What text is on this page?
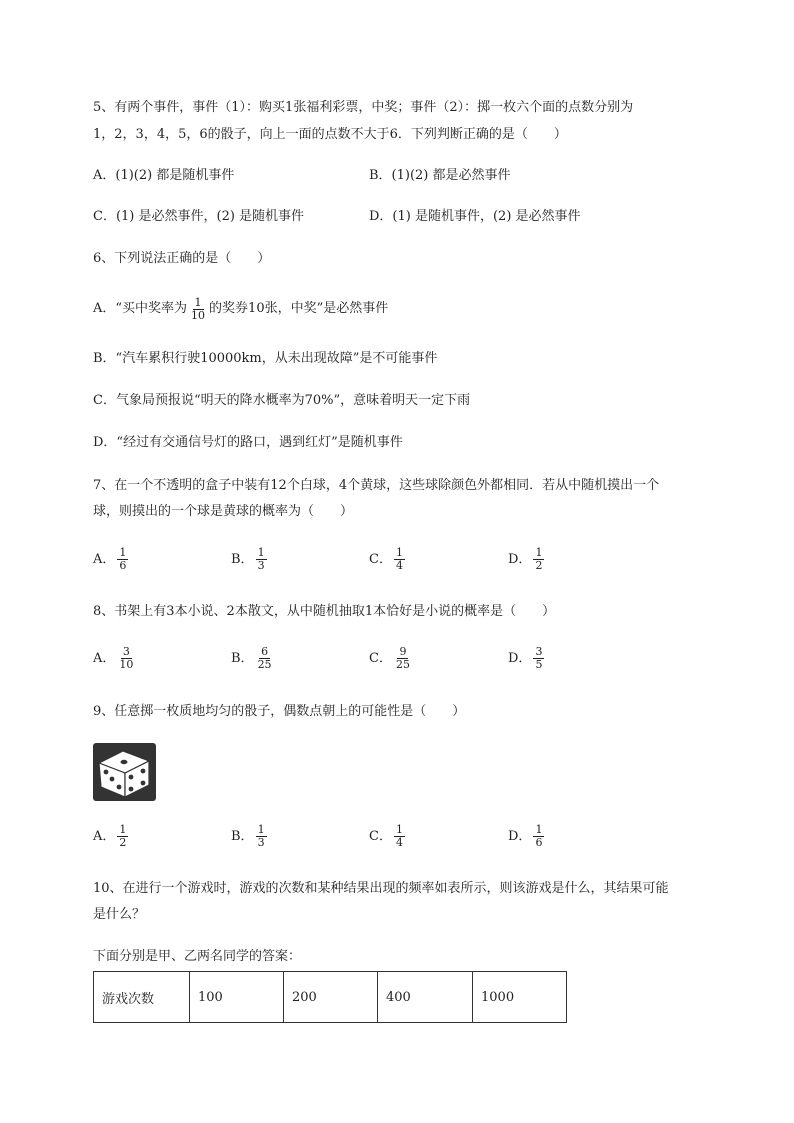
5、有两个事件，事件（1）：购买1张福利彩票，中奖；事件（2）：掷一枚六个面的点数分别为
1，2，3，4，5，6的骰子，向上一面的点数不大于6．下列判断正确的是（　　）
A．(1)(2) 都是随机事件	B．(1)(2) 都是必然事件
C．(1) 是必然事件，(2) 是随机事件	D．(1) 是随机事件，(2) 是必然事件
6、下列说法正确的是（　　）
A．“买中奖率为 $\frac{1}{10}$ 的奖券10张，中奖”是必然事件
B．“汽车累积行驶10000km，从未出现故障”是不可能事件
C．气象局预报说“明天的降水概率为70%”，意味着明天一定下雨
D．“经过有交通信号灯的路口，遇到红灯”是随机事件
7、在一个不透明的盒子中装有12个白球，4个黄球，这些球除颜色外都相同．若从中随机摸出一个
球，则摸出的一个球是黄球的概率为（　　）
A． $\frac{1}{6}$	B． $\frac{1}{3}$	C． $\frac{1}{4}$	D． $\frac{1}{2}$
8、书架上有3本小说、2本散文，从中随机抽取1本恰好是小说的概率是（　　）
A． $\frac{3}{10}$	B． $\frac{6}{25}$	C． $\frac{9}{25}$	D． $\frac{3}{5}$
9、任意掷一枚质地均匀的骰子，偶数点朝上的可能性是（　　）
A． $\frac{1}{2}$	B． $\frac{1}{3}$	C． $\frac{1}{4}$	D． $\frac{1}{6}$
10、在进行一个游戏时，游戏的次数和某种结果出现的频率如表所示，则该游戏是什么，其结果可能
是什么？
下面分别是甲、乙两名同学的答案：
游戏次数	100	200	400	1000
